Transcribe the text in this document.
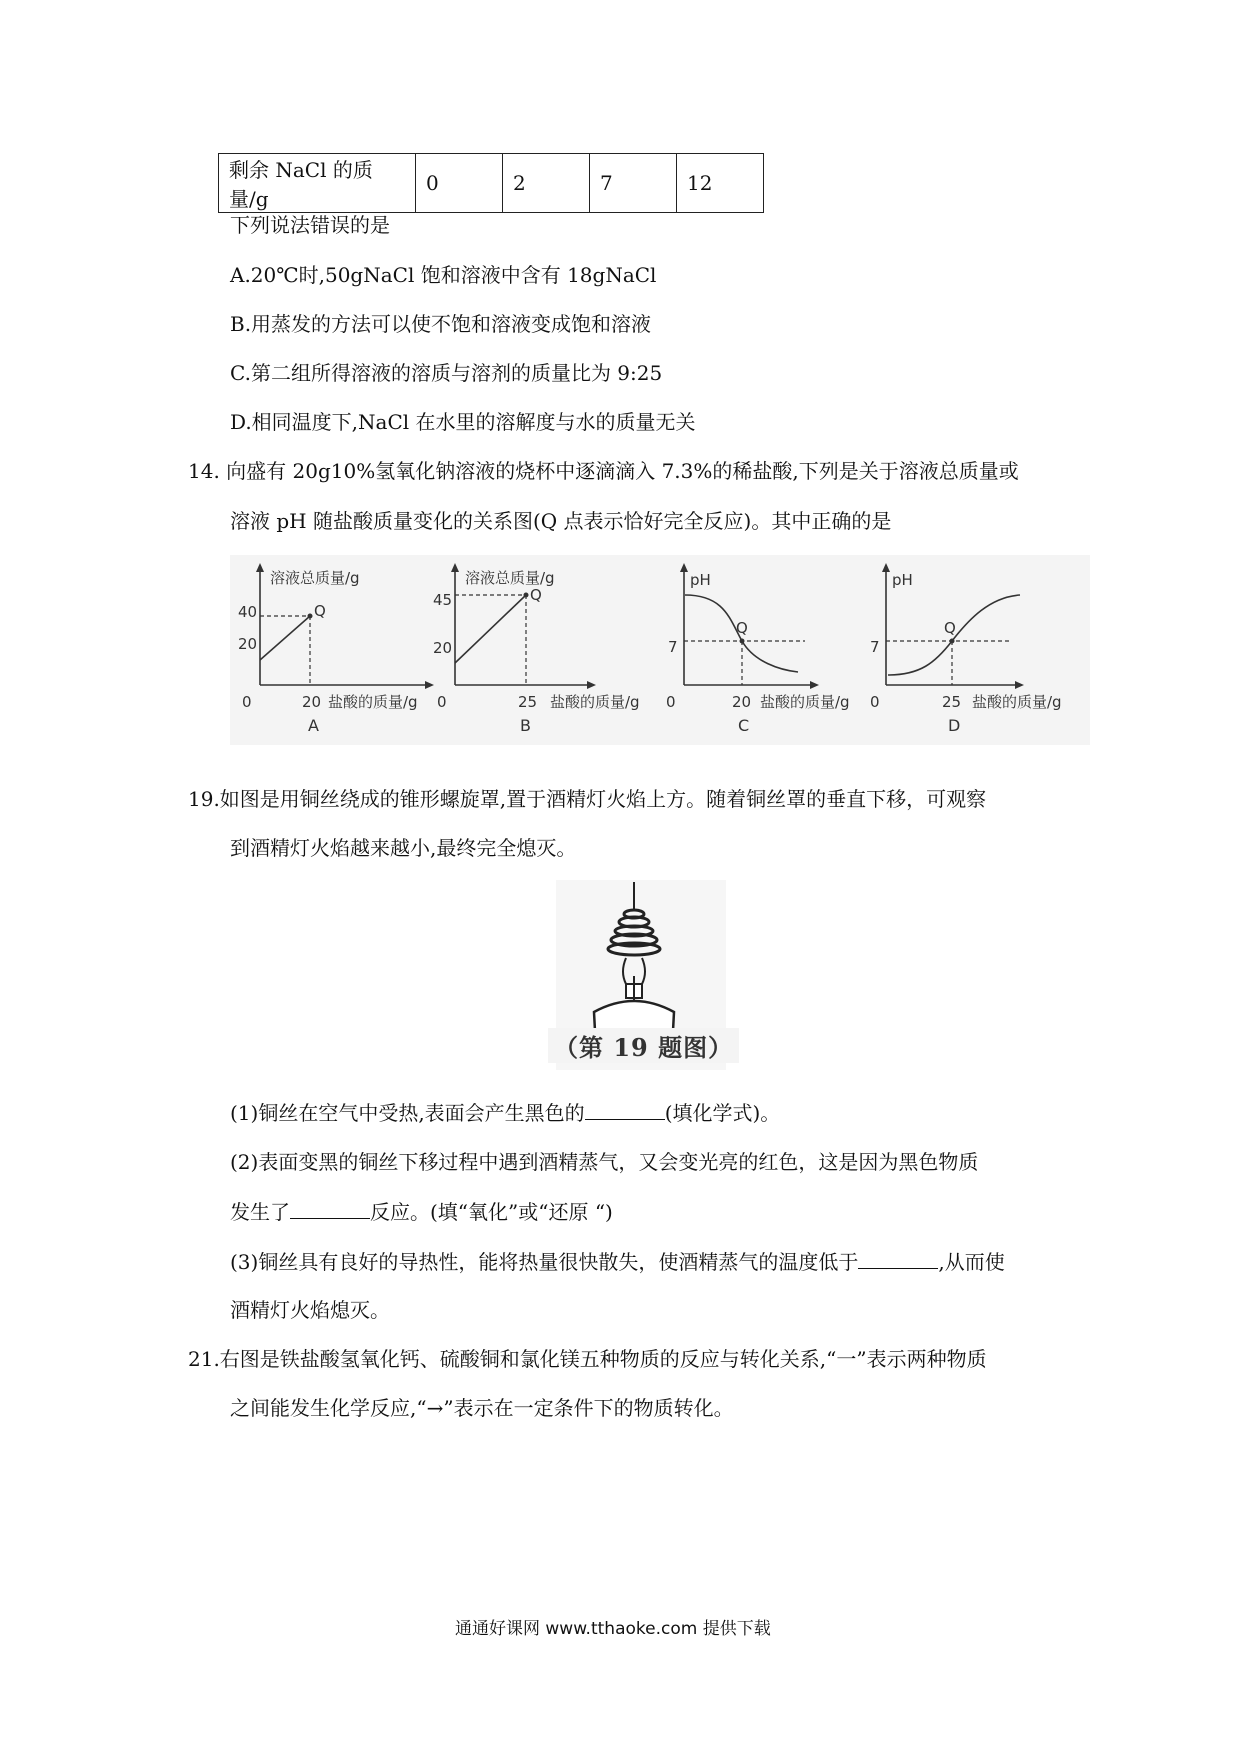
剩余 NaCl 的质量/g	0	2	7	12
下列说法错误的是
A.20℃时,50gNaCl 饱和溶液中含有 18gNaCl
B.用蒸发的方法可以使不饱和溶液变成饱和溶液
C.第二组所得溶液的溶质与溶剂的质量比为 9:25
D.相同温度下,NaCl 在水里的溶解度与水的质量无关
14. 向盛有 20g10%氢氧化钠溶液的烧杯中逐滴滴入 7.3%的稀盐酸,下列是关于溶液总质量或
溶液 pH 随盐酸质量变化的关系图(Q 点表示恰好完全反应)。其中正确的是
溶液总质量/g
40
20
Q
0	20 盐酸的质量/g
A
溶液总质量/g
45
20
Q
0	25 盐酸的质量/g
B
pH
7
Q
0	20 盐酸的质量/g
C
pH
7
Q
0	25 盐酸的质量/g
D
19.如图是用铜丝绕成的锥形螺旋罩,置于酒精灯火焰上方。随着铜丝罩的垂直下移，可观察
到酒精灯火焰越来越小,最终完全熄灭。
（第 19 题图）
(1)铜丝在空气中受热,表面会产生黑色的	(填化学式)。
(2)表面变黑的铜丝下移过程中遇到酒精蒸气，又会变光亮的红色，这是因为黑色物质
发生了	反应。(填“氧化”或“还原 “)
(3)铜丝具有良好的导热性，能将热量很快散失，使酒精蒸气的温度低于	,从而使
酒精灯火焰熄灭。
21.右图是铁盐酸氢氧化钙、硫酸铜和氯化镁五种物质的反应与转化关系,“一”表示两种物质
之间能发生化学反应,“→”表示在一定条件下的物质转化。
通通好课网 www.tthaoke.com 提供下载
